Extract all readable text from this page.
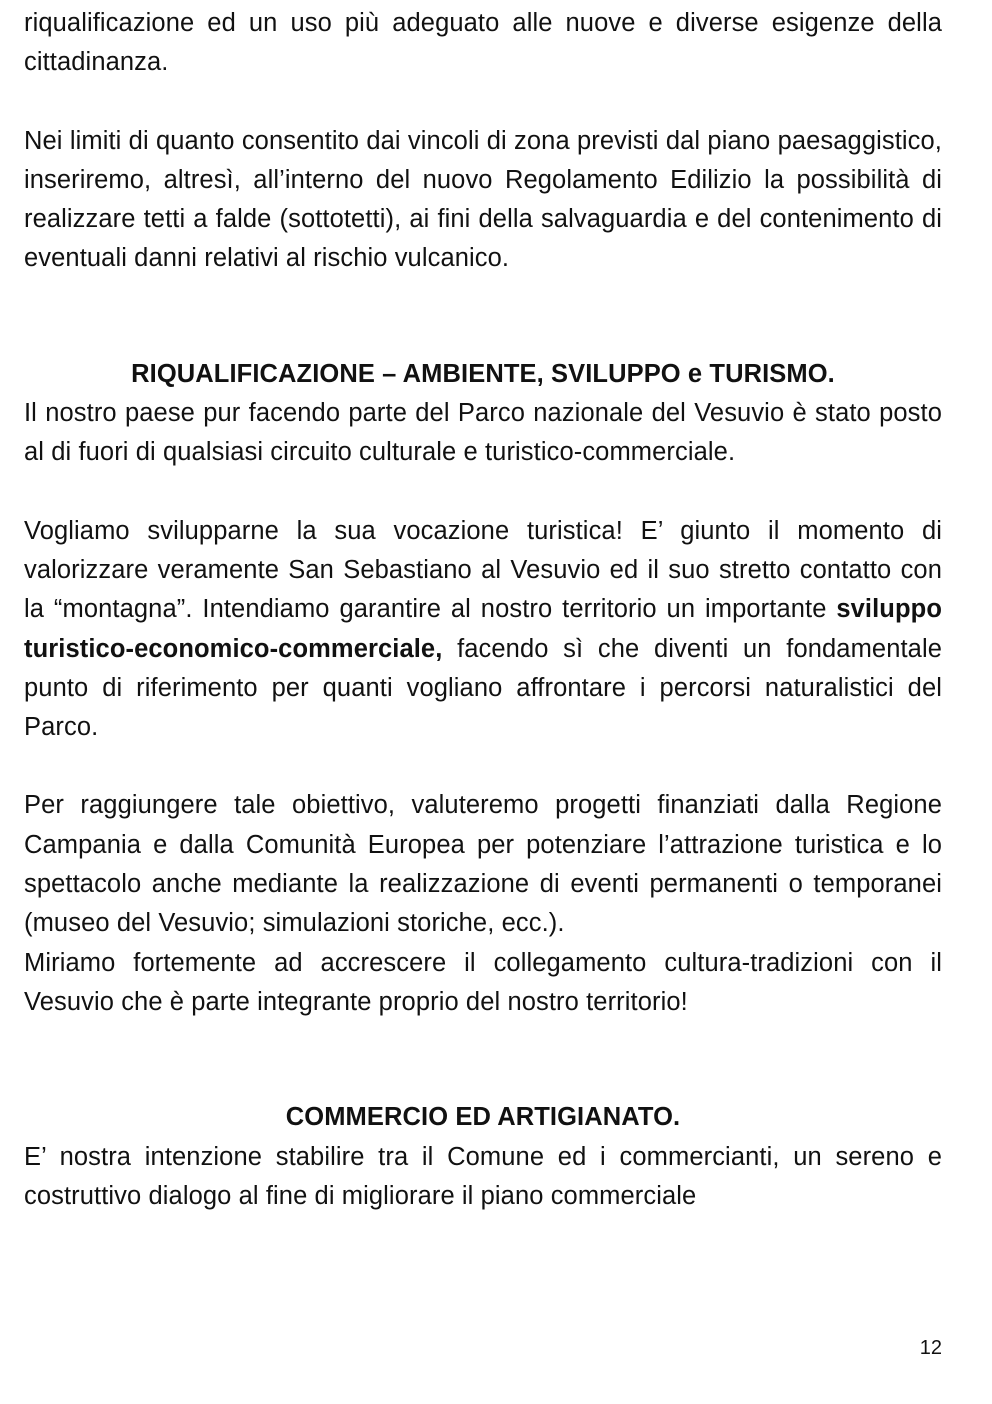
riqualificazione ed un uso più adeguato alle nuove e diverse esigenze della cittadinanza.

Nei limiti di quanto consentito dai vincoli di zona previsti dal piano paesaggistico, inseriremo, altresì, all’interno del nuovo Regolamento Edilizio la possibilità di realizzare tetti a falde (sottotetti), ai fini della salvaguardia e del contenimento di eventuali danni relativi al rischio vulcanico.

RIQUALIFICAZIONE – AMBIENTE, SVILUPPO e TURISMO.

Il nostro paese pur facendo parte del Parco nazionale del Vesuvio è stato posto al di fuori di qualsiasi circuito culturale e turistico-commerciale.

Vogliamo svilupparne la sua vocazione turistica! E’ giunto il momento di valorizzare veramente San Sebastiano al Vesuvio ed il suo stretto contatto con la “montagna”. Intendiamo garantire al nostro territorio un importante sviluppo turistico-economico-commerciale, facendo sì che diventi un fondamentale punto di riferimento per quanti vogliano affrontare i percorsi naturalistici del Parco.

Per raggiungere tale obiettivo, valuteremo progetti finanziati dalla Regione Campania e dalla Comunità Europea per potenziare l’attrazione turistica e lo spettacolo anche mediante la realizzazione di eventi permanenti o temporanei (museo del Vesuvio; simulazioni storiche, ecc.).

Miriamo fortemente ad accrescere il collegamento cultura-tradizioni con il Vesuvio che è parte integrante proprio del nostro territorio!

COMMERCIO ED ARTIGIANATO.

E’ nostra intenzione stabilire tra il Comune ed i commercianti, un sereno e costruttivo dialogo al fine di migliorare il piano commerciale

12
